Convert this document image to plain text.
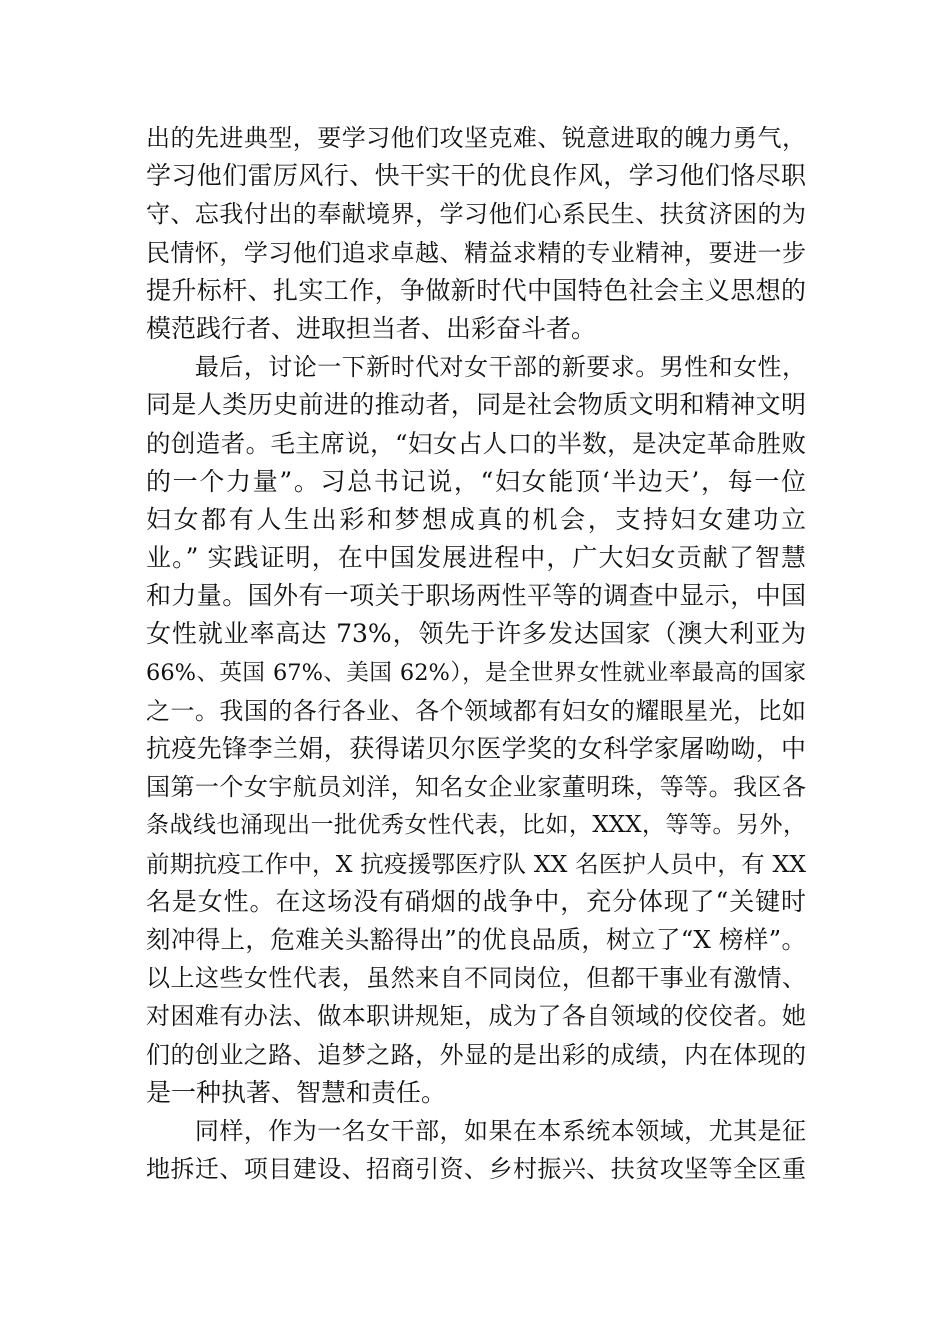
出的先进典型，要学习他们攻坚克难、锐意进取的魄力勇气，
学习他们雷厉风行、快干实干的优良作风，学习他们恪尽职
守、忘我付出的奉献境界，学习他们心系民生、扶贫济困的为
民情怀，学习他们追求卓越、精益求精的专业精神，要进一步
提升标杆、扎实工作，争做新时代中国特色社会主义思想的
模范践行者、进取担当者、出彩奋斗者。
　　最后，讨论一下新时代对女干部的新要求。男性和女性，
同是人类历史前进的推动者，同是社会物质文明和精神文明
的创造者。毛主席说，“妇女占人口的半数，是决定革命胜败
的一个力量”。习总书记说，“妇女能顶‘半边天’，每一位
妇女都有人生出彩和梦想成真的机会，支持妇女建功立
业。” 实践证明，在中国发展进程中，广大妇女贡献了智慧
和力量。国外有一项关于职场两性平等的调查中显示，中国
女性就业率高达 73%，领先于许多发达国家（澳大利亚为
66%、英国 67%、美国 62%），是全世界女性就业率最高的国家
之一。我国的各行各业、各个领域都有妇女的耀眼星光，比如
抗疫先锋李兰娟，获得诺贝尔医学奖的女科学家屠呦呦，中
国第一个女宇航员刘洋，知名女企业家董明珠，等等。我区各
条战线也涌现出一批优秀女性代表，比如，XXX，等等。另外，
前期抗疫工作中，X 抗疫援鄂医疗队 XX 名医护人员中，有 XX
名是女性。在这场没有硝烟的战争中，充分体现了“关键时
刻冲得上，危难关头豁得出”的优良品质，树立了“X 榜样”。
以上这些女性代表，虽然来自不同岗位，但都干事业有激情、
对困难有办法、做本职讲规矩，成为了各自领域的佼佼者。她
们的创业之路、追梦之路，外显的是出彩的成绩，内在体现的
是一种执著、智慧和责任。
　　同样，作为一名女干部，如果在本系统本领域，尤其是征
地拆迁、项目建设、招商引资、乡村振兴、扶贫攻坚等全区重
